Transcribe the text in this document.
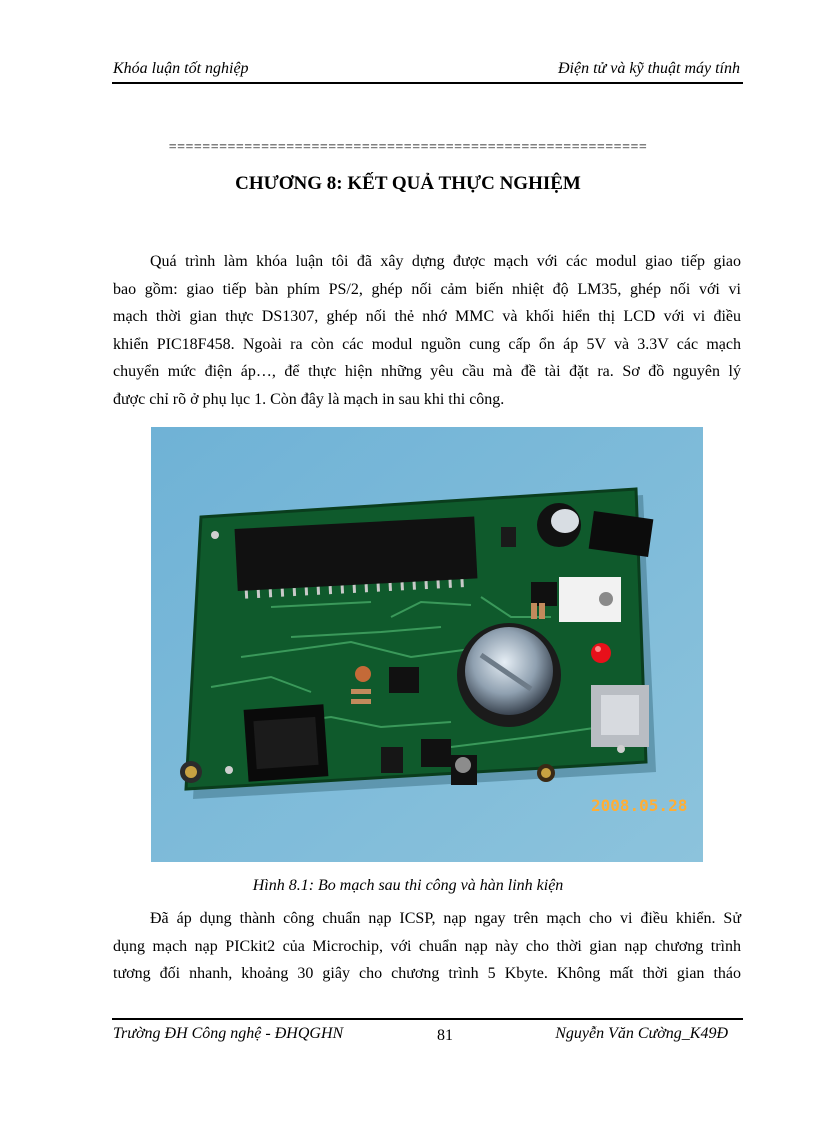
Khóa luận tốt nghiệp	Điện tử và kỹ thuật máy tính
=========================================================
CHƯƠNG 8: KẾT QUẢ THỰC NGHIỆM
Quá trình làm khóa luận tôi đã xây dựng được mạch với các modul giao tiếp giao
bao gồm: giao tiếp bàn phím PS/2, ghép nối cảm biến nhiệt độ LM35, ghép nối với vi
mạch thời gian thực DS1307, ghép nối thẻ nhớ MMC và khối hiển thị LCD với vi điều
khiển PIC18F458. Ngoài ra còn các modul nguồn cung cấp ổn áp 5V và 3.3V các mạch
chuyển mức điện áp…, để thực hiện những yêu cầu mà đề tài đặt ra. Sơ đồ nguyên lý
được chỉ rõ ở phụ lục 1. Còn đây là mạch in sau khi thi công.
2008.05.28
Hình 8.1: Bo mạch sau thi công và hàn linh kiện
Đã áp dụng thành công chuẩn nạp ICSP, nạp ngay trên mạch cho vi điều khiển. Sử
dụng mạch nạp PICkit2 của Microchip, với chuẩn nạp này cho thời gian nạp chương trình
tương đối nhanh, khoảng 30 giây cho chương trình 5 Kbyte. Không mất thời gian tháo
Trường ĐH Công nghệ - ĐHQGHN	81	Nguyễn Văn Cường_K49Đ
